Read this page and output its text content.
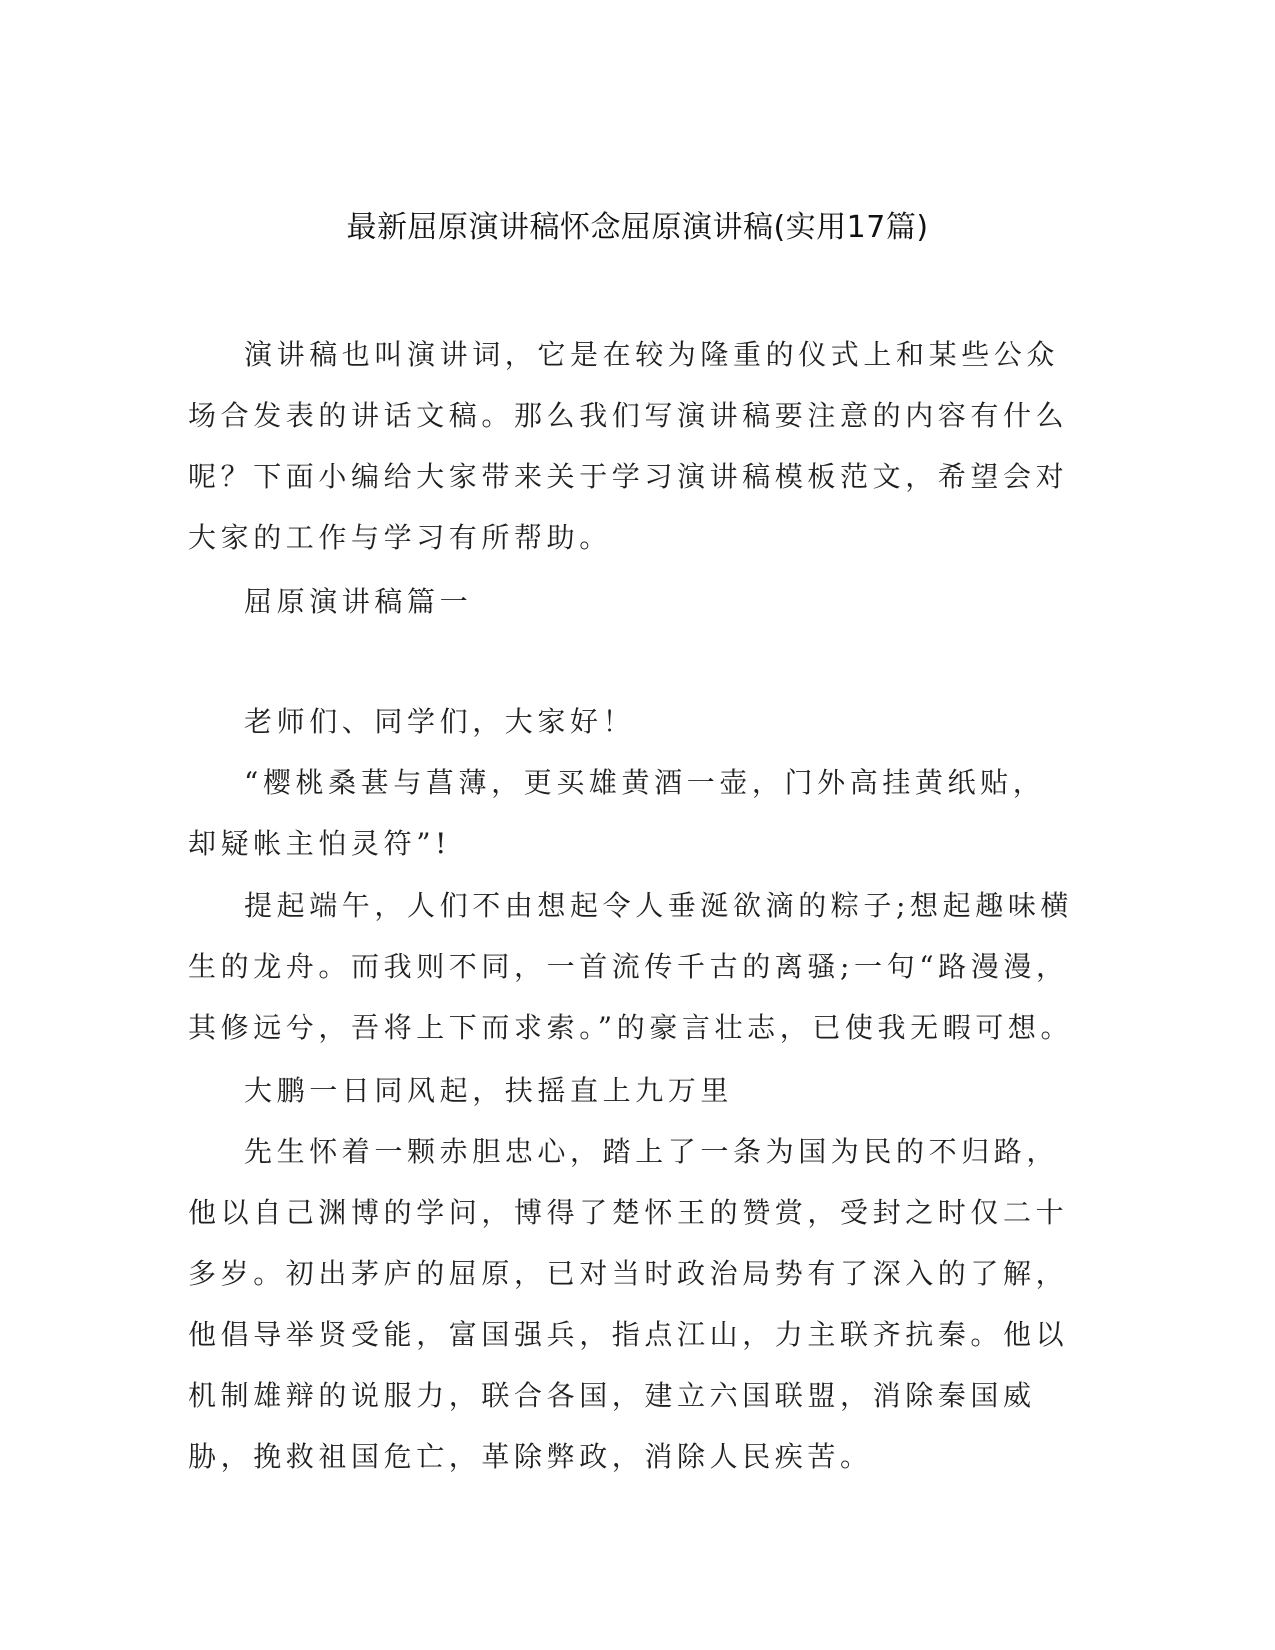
最新屈原演讲稿怀念屈原演讲稿(实用17篇)

演讲稿也叫演讲词，它是在较为隆重的仪式上和某些公众场合发表的讲话文稿。那么我们写演讲稿要注意的内容有什么呢？下面小编给大家带来关于学习演讲稿模板范文，希望会对大家的工作与学习有所帮助。

屈原演讲稿篇一

老师们、同学们，大家好！

“樱桃桑葚与菖薄，更买雄黄酒一壶，门外高挂黄纸贴，却疑帐主怕灵符”!

提起端午，人们不由想起令人垂涎欲滴的粽子;想起趣味横生的龙舟。而我则不同，一首流传千古的离骚;一句“路漫漫，其修远兮，吾将上下而求索。”的豪言壮志，已使我无暇可想。

大鹏一日同风起，扶摇直上九万里

先生怀着一颗赤胆忠心，踏上了一条为国为民的不归路，他以自己渊博的学问，博得了楚怀王的赞赏，受封之时仅二十多岁。初出茅庐的屈原，已对当时政治局势有了深入的了解，他倡导举贤受能，富国强兵，指点江山，力主联齐抗秦。他以机制雄辩的说服力，联合各国，建立六国联盟，消除秦国威胁，挽救祖国危亡，革除弊政，消除人民疾苦。
